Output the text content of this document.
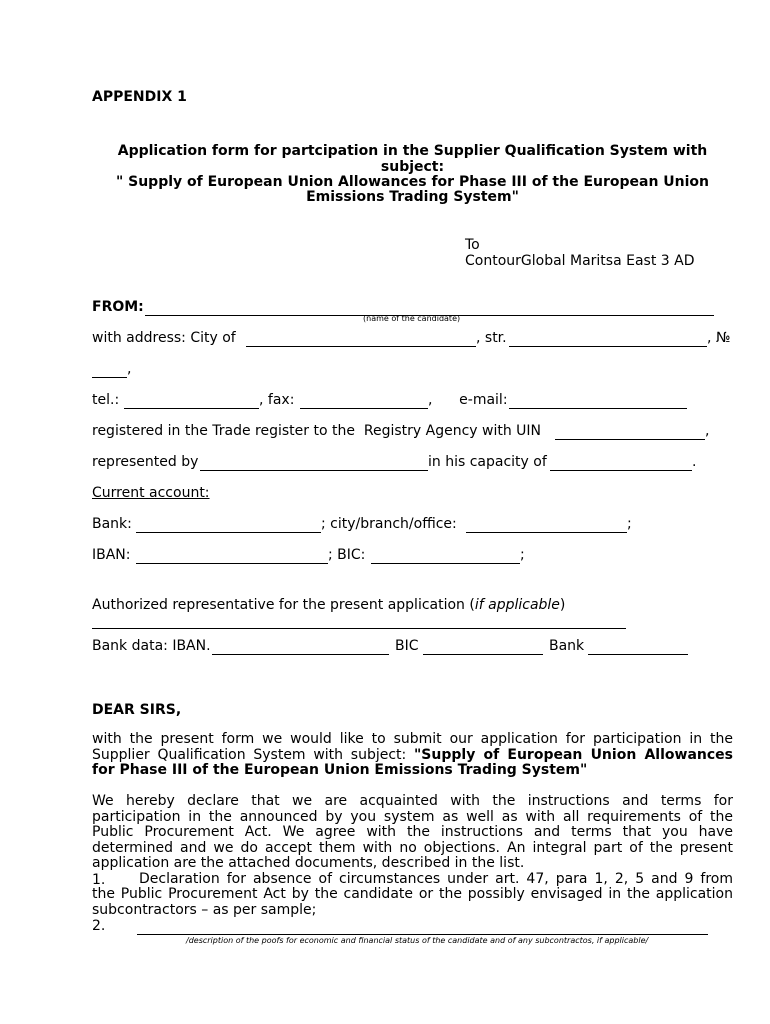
APPENDIX 1
Application form for partcipation in the Supplier Qualification System with
subject:
" Supply of European Union Allowances for Phase III of the European Union
Emissions Trading System"
To
ContourGlobal Maritsa East 3 AD
FROM:
(name of the candidate)
with address: City of	, str.	, №
,
tel.:	, fax:	,      e-mail:
registered in the Trade register to the  Registry Agency with UIN	,
represented by	in his capacity of	.
Current account:
Bank:	; city/branch/office:	;
IBAN:	; BIC:	;
Authorized representative for the present application (if applicable)
Bank data: IBAN.	BIC	Bank
DEAR SIRS,
with the present form we would like to submit our application for participation in the
Supplier Qualification System with subject: "Supply of European Union Allowances
for Phase III of the European Union Emissions Trading System"
We hereby declare that we are acquainted with the instructions and terms for
participation in the announced by you system as well as with all requirements of the
Public Procurement Act. We agree with the instructions and terms that you have
determined and we do accept them with no objections. An integral part of the present
application are the attached documents, described in the list.
1. Declaration for absence of circumstances under art. 47, para 1, 2, 5 and 9 from
the Public Procurement Act by the candidate or the possibly envisaged in the application
subcontractors – as per sample;
2.
/description of the poofs for economic and financial status of the candidate and of any subcontractos, if applicable/
